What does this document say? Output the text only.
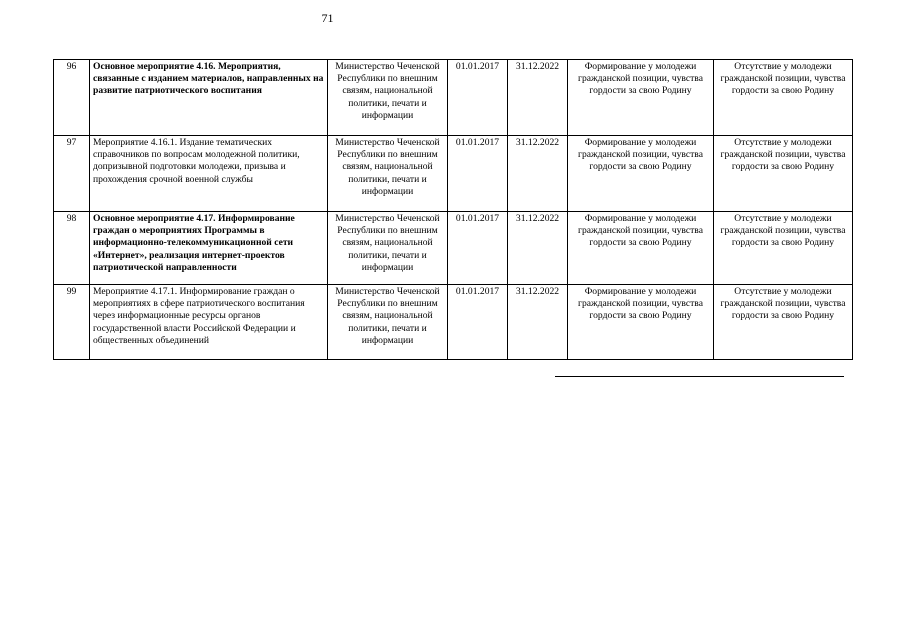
71
96	Основное мероприятие 4.16. Мероприятия, связанные с изданием материалов, направленных на развитие патриотического воспитания	Министерство Чеченской Республики по внешним связям, национальной политики, печати и информации	01.01.2017	31.12.2022	Формирование у молодежи гражданской позиции, чувства гордости за свою Родину	Отсутствие у молодежи гражданской позиции, чувства гордости за свою Родину
97	Мероприятие 4.16.1. Издание тематических справочников по вопросам молодежной политики, допризывной подготовки молодежи, призыва и прохождения срочной военной службы	Министерство Чеченской Республики по внешним связям, национальной политики, печати и информации	01.01.2017	31.12.2022	Формирование у молодежи гражданской позиции, чувства гордости за свою Родину	Отсутствие у молодежи гражданской позиции, чувства гордости за свою Родину
98	Основное мероприятие 4.17. Информирование граждан о мероприятиях Программы в информационно-телекоммуникационной сети «Интернет», реализация интернет-проектов патриотической направленности	Министерство Чеченской Республики по внешним связям, национальной политики, печати и информации	01.01.2017	31.12.2022	Формирование у молодежи гражданской позиции, чувства гордости за свою Родину	Отсутствие у молодежи гражданской позиции, чувства гордости за свою Родину
99	Мероприятие 4.17.1. Информирование граждан о мероприятиях в сфере патриотического воспитания через информационные ресурсы органов государственной власти Российской Федерации и общественных объединений	Министерство Чеченской Республики по внешним связям, национальной политики, печати и информации	01.01.2017	31.12.2022	Формирование у молодежи гражданской позиции, чувства гордости за свою Родину	Отсутствие у молодежи гражданской позиции, чувства гордости за свою Родину
